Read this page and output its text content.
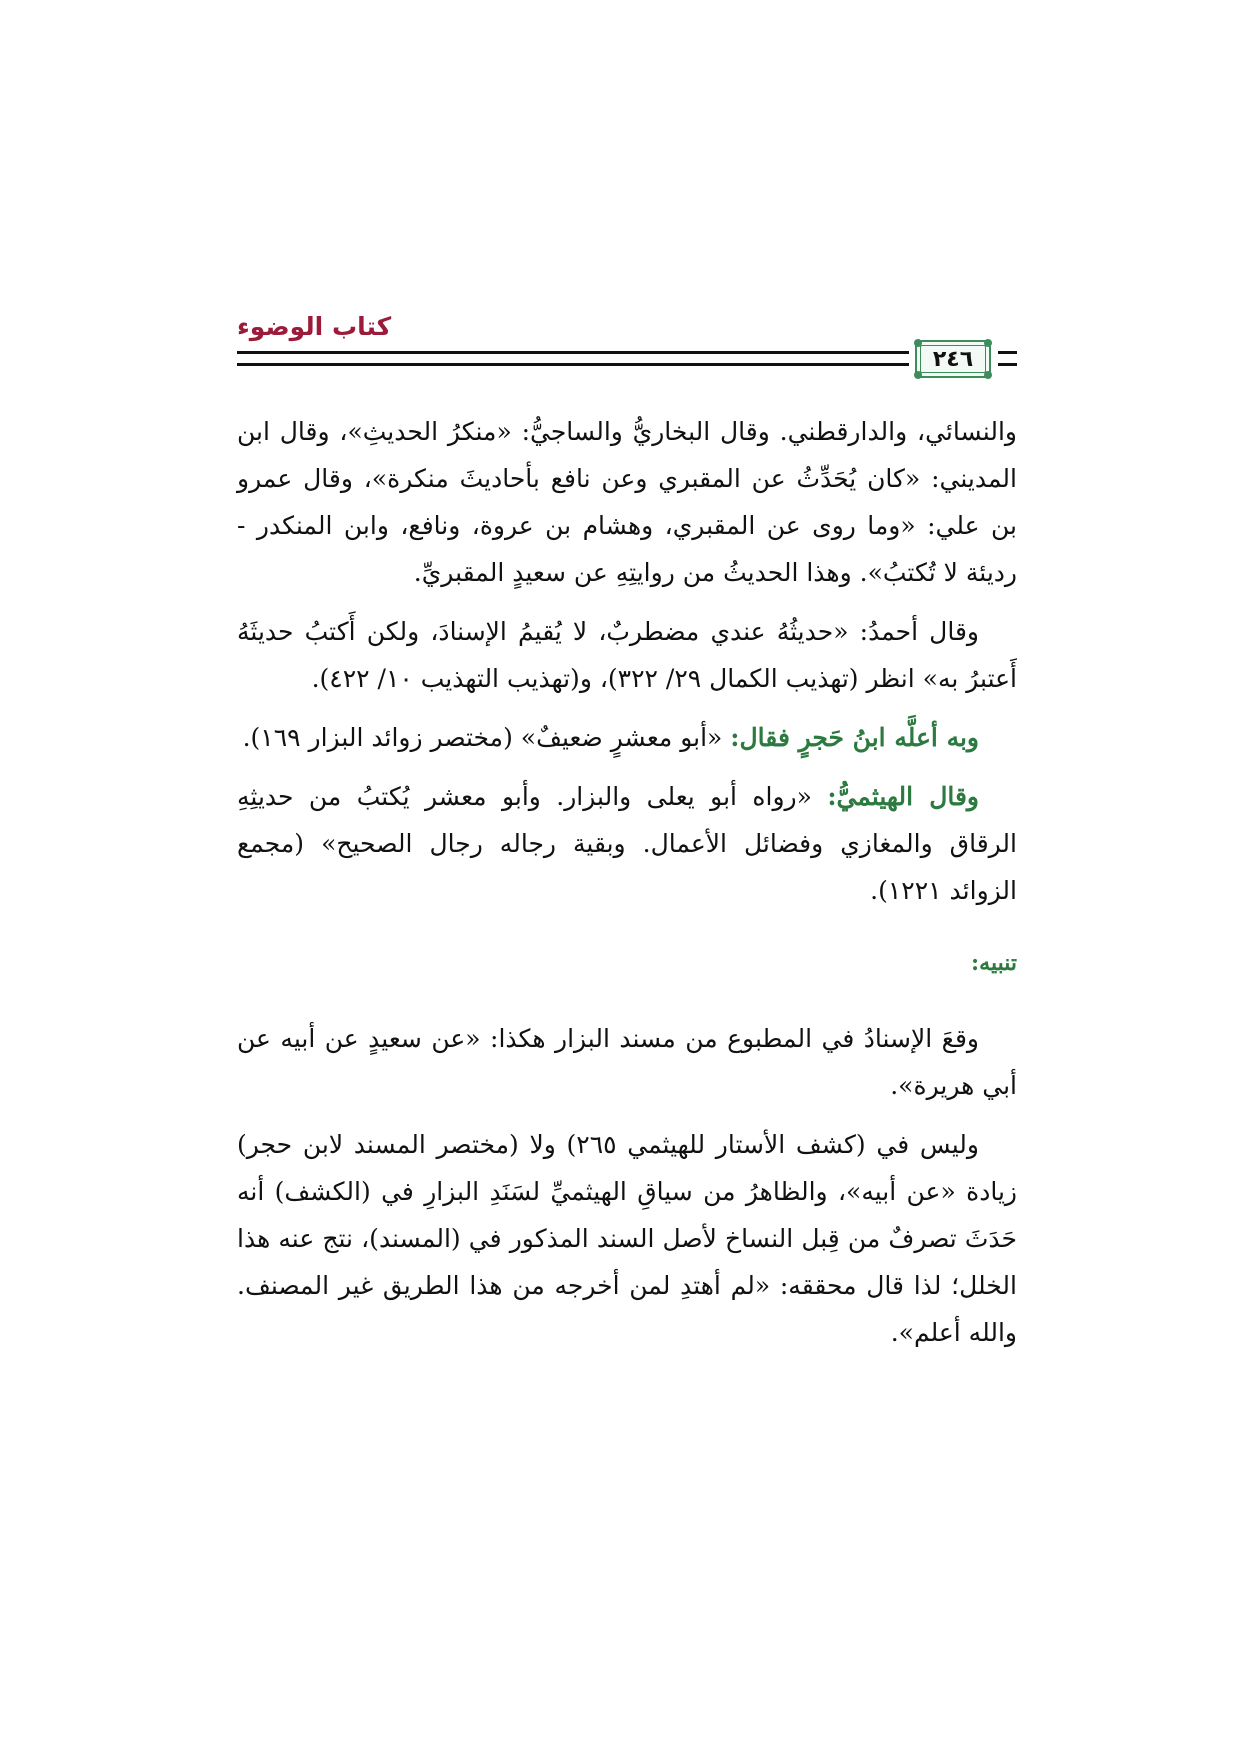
كتاب الوضوء
٢٤٦

والنسائي، والدارقطني. وقال البخاريُّ والساجيُّ: «منكرُ الحديثِ»، وقال ابن المديني: «كان يُحَدِّثُ عن المقبري وعن نافع بأحاديثَ منكرة»، وقال عمرو بن علي: «وما روى عن المقبري، وهشام بن عروة، ونافع، وابن المنكدر - رديئة لا تُكتبُ». وهذا الحديثُ من روايتِهِ عن سعيدٍ المقبريِّ.

وقال أحمدُ: «حديثُهُ عندي مضطربٌ، لا يُقيمُ الإسنادَ، ولكن أَكتبُ حديثَهُ أَعتبرُ به» انظر (تهذيب الكمال ٢٩/ ٣٢٢)، و(تهذيب التهذيب ١٠/ ٤٢٢).

وبه أعلَّه ابنُ حَجرٍ فقال: «أبو معشرٍ ضعيفٌ» (مختصر زوائد البزار ١٦٩).

وقال الهيثميُّ: «رواه أبو يعلى والبزار. وأبو معشر يُكتبُ من حديثِهِ الرقاق والمغازي وفضائل الأعمال. وبقية رجاله رجال الصحيح» (مجمع الزوائد ١٢٢١).

تنبيه:

وقعَ الإسنادُ في المطبوع من مسند البزار هكذا: «عن سعيدٍ عن أبيه عن أبي هريرة».

وليس في (كشف الأستار للهيثمي ٢٦٥) ولا (مختصر المسند لابن حجر) زيادة «عن أبيه»، والظاهرُ من سياقِ الهيثميِّ لسَنَدِ البزارِ في (الكشف) أنه حَدَثَ تصرفٌ من قِبل النساخ لأصل السند المذكور في (المسند)، نتج عنه هذا الخلل؛ لذا قال محققه: «لم أهتدِ لمن أخرجه من هذا الطريق غير المصنف. والله أعلم».
